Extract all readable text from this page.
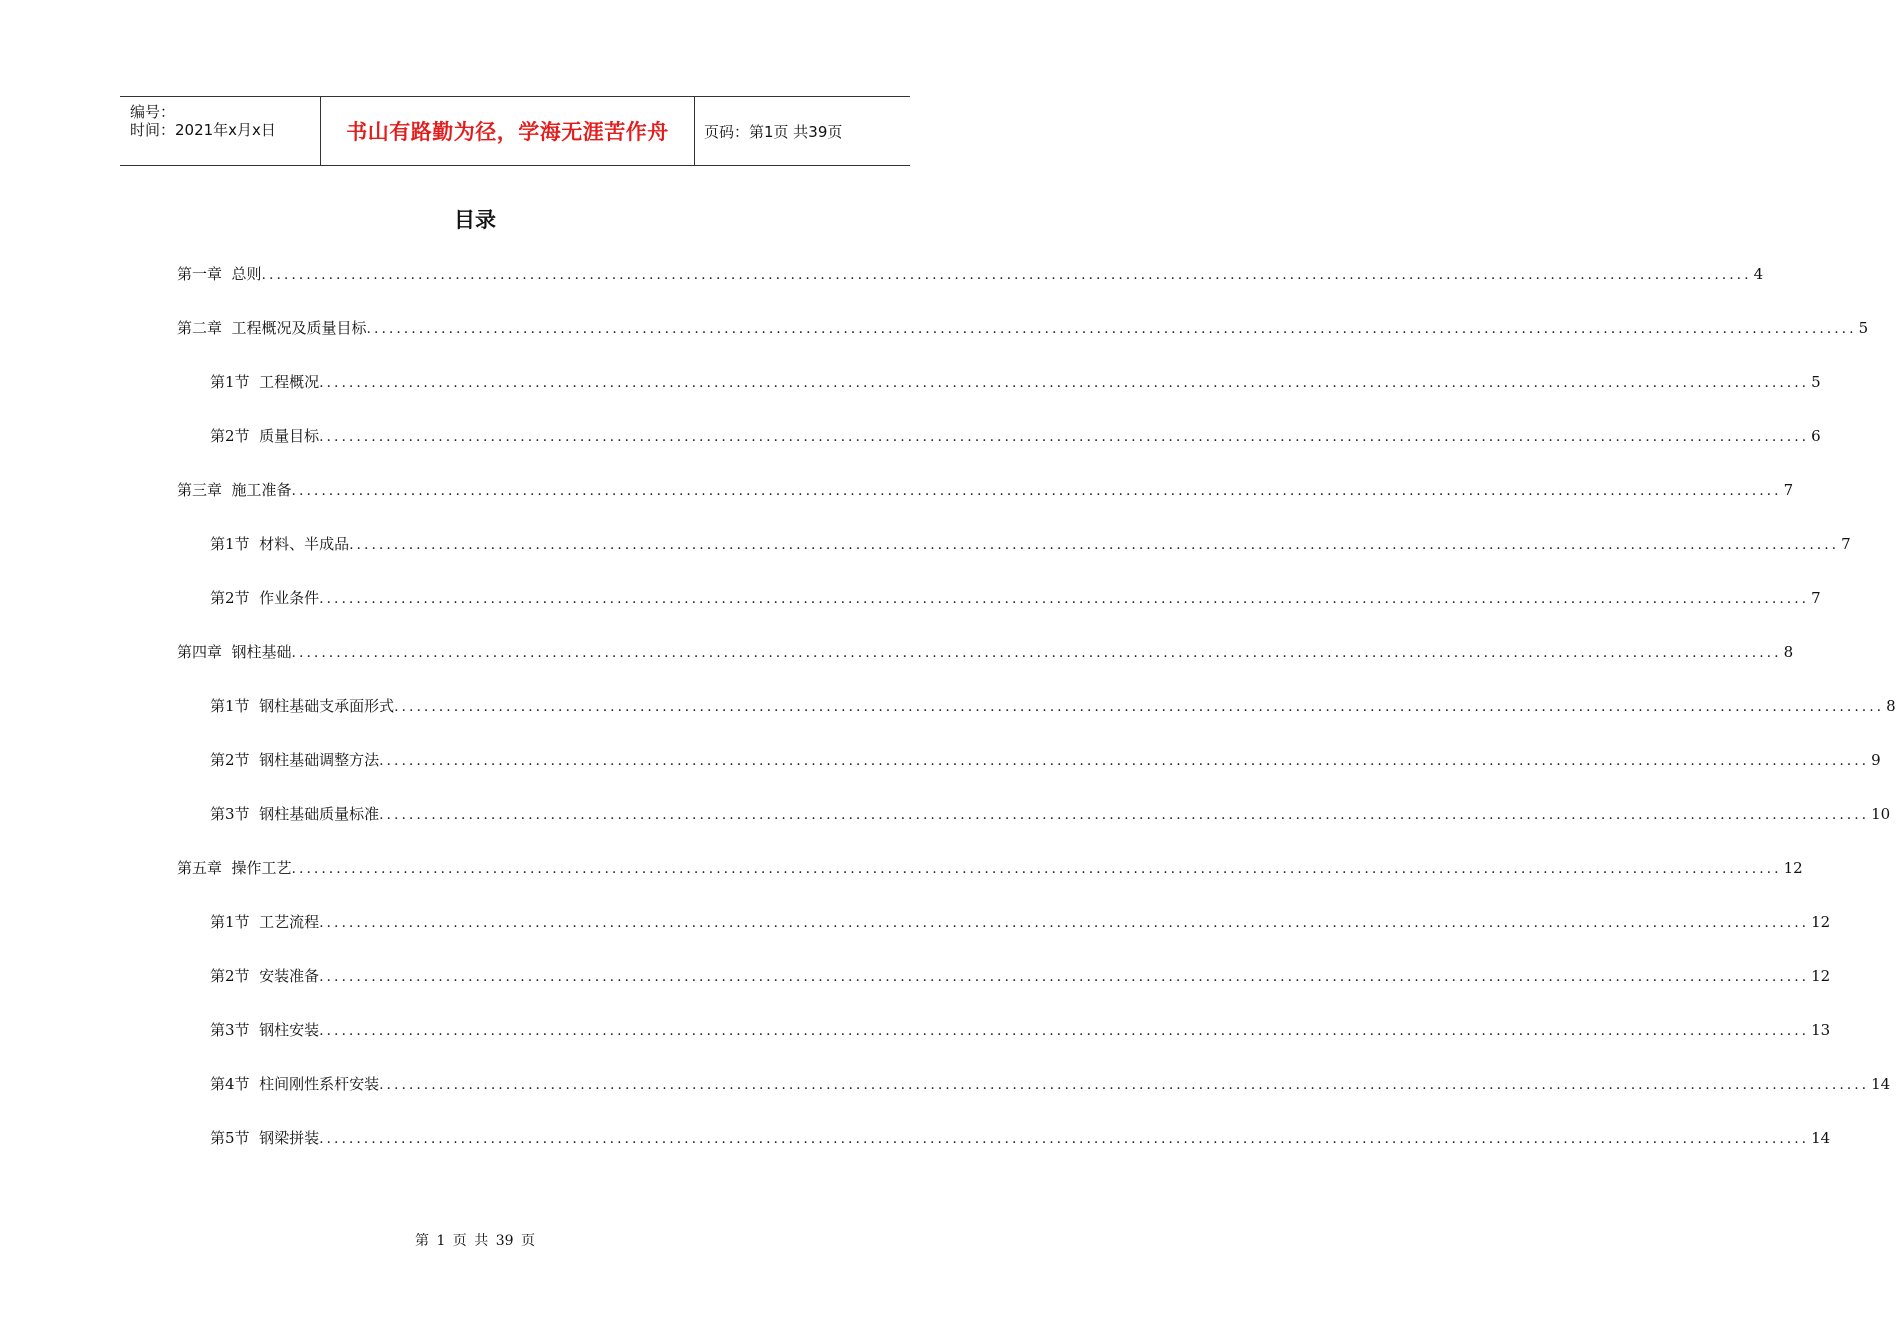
编号：
时间：2021年x月x日	书山有路勤为径，学海无涯苦作舟 页码：第1页 共39页
目录
第一章  总则 ........................................................................................................................................................................................................ 4
第二章  工程概况及质量目标 ........................................................................................................................................................................................................ 5
第1节  工程概况 ........................................................................................................................................................................................................ 5
第2节  质量目标 ........................................................................................................................................................................................................ 6
第三章  施工准备 ........................................................................................................................................................................................................ 7
第1节  材料、半成品 ........................................................................................................................................................................................................ 7
第2节  作业条件 ........................................................................................................................................................................................................ 7
第四章  钢柱基础 ........................................................................................................................................................................................................ 8
第1节  钢柱基础支承面形式 ........................................................................................................................................................................................................ 8
第2节  钢柱基础调整方法 ........................................................................................................................................................................................................ 9
第3节  钢柱基础质量标准 ........................................................................................................................................................................................................ 10
第五章  操作工艺 ........................................................................................................................................................................................................ 12
第1节  工艺流程 ........................................................................................................................................................................................................ 12
第2节  安装准备 ........................................................................................................................................................................................................ 12
第3节  钢柱安装 ........................................................................................................................................................................................................ 13
第4节  柱间刚性系杆安装 ........................................................................................................................................................................................................ 14
第5节  钢梁拼装 ........................................................................................................................................................................................................ 14
第 1 页 共 39 页
